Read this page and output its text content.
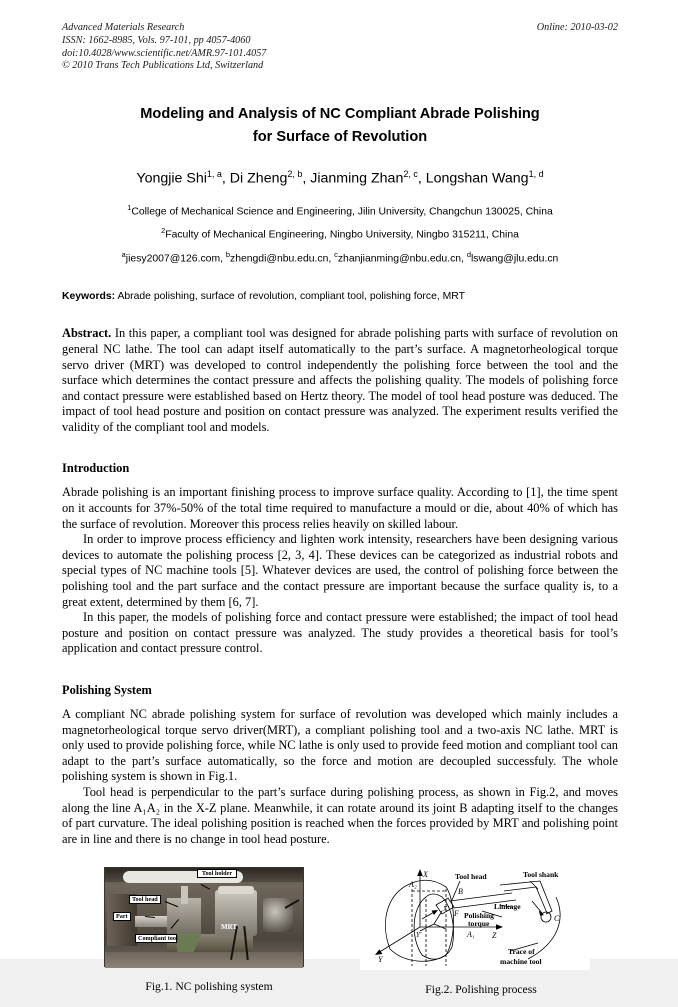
Advanced Materials Research
ISSN: 1662-8985, Vols. 97-101, pp 4057-4060
doi:10.4028/www.scientific.net/AMR.97-101.4057
© 2010 Trans Tech Publications Ltd, Switzerland
Online: 2010-03-02
Modeling and Analysis of NC Compliant Abrade Polishing
for Surface of Revolution
Yongjie Shi$^{1, a}$, Di Zheng$^{2, b}$, Jianming Zhan$^{2, c}$, Longshan Wang$^{1, d}$
$^1$College of Mechanical Science and Engineering, Jilin University, Changchun 130025, China
$^2$Faculty of Mechanical Engineering, Ningbo University, Ningbo 315211, China
$^a$jiesy2007@126.com, $^b$zhengdi@nbu.edu.cn, $^c$zhanjianming@nbu.edu.cn, $^d$lswang@jlu.edu.cn
Keywords: Abrade polishing, surface of revolution, compliant tool, polishing force, MRT
Abstract. In this paper, a compliant tool was designed for abrade polishing parts with surface of revolution on general NC lathe. The tool can adapt itself automatically to the part’s surface. A magnetorheological torque servo driver (MRT) was developed to control independently the polishing force between the tool and the surface which determines the contact pressure and affects the polishing quality. The models of polishing force and contact pressure were established based on Hertz theory. The model of tool head posture was deduced. The impact of tool head posture and position on contact pressure was analyzed. The experiment results verified the validity of the compliant tool and models.
Introduction

Abrade polishing is an important finishing process to improve surface quality. According to [1], the time spent on it accounts for 37%-50% of the total time required to manufacture a mould or die, about 40% of which has the surface of revolution. Moreover this process relies heavily on skilled labour.

In order to improve process efficiency and lighten work intensity, researchers have been designing various devices to automate the polishing process [2, 3, 4]. These devices can be categorized as industrial robots and special types of NC machine tools [5]. Whatever devices are used, the control of polishing force between the polishing tool and the part surface and the contact pressure are important because the surface quality is, to a great extent, determined by them [6, 7].

In this paper, the models of polishing force and contact pressure were established; the impact of tool head posture and position on contact pressure was analyzed. The study provides a theoretical basis for tool’s application and contact pressure control.

Polishing System

A compliant NC abrade polishing system for surface of revolution was developed which mainly includes a magnetorheological torque servo driver(MRT), a compliant polishing tool and a two-axis NC lathe. MRT is only used to provide polishing force, while NC lathe is only used to provide feed motion and compliant tool can adapt to the part’s surface automatically, so the force and motion are decoupled successfuly. The whole polishing system is shown in Fig.1.

Tool head is perpendicular to the part’s surface during polishing process, as shown in Fig.2, and moves along the line A₁A₂ in the X-Z plane. Meanwhile, it can rotate around its joint B adapting itself to the changes of part curvature. The ideal polishing position is reached when the forces provided by MRT and polishing point are in line and there is no change in tool head posture.

Tool holder
Tool head
Part
Compliant tool
MRT
Fig.1. NC polishing system
X
Y
Z
A₁
A₂
B
C
F
X'
Y'
Tool head	Tool shank
Linkage
Polishing
torque
Trace of
machine tool
Fig.2. Polishing process
